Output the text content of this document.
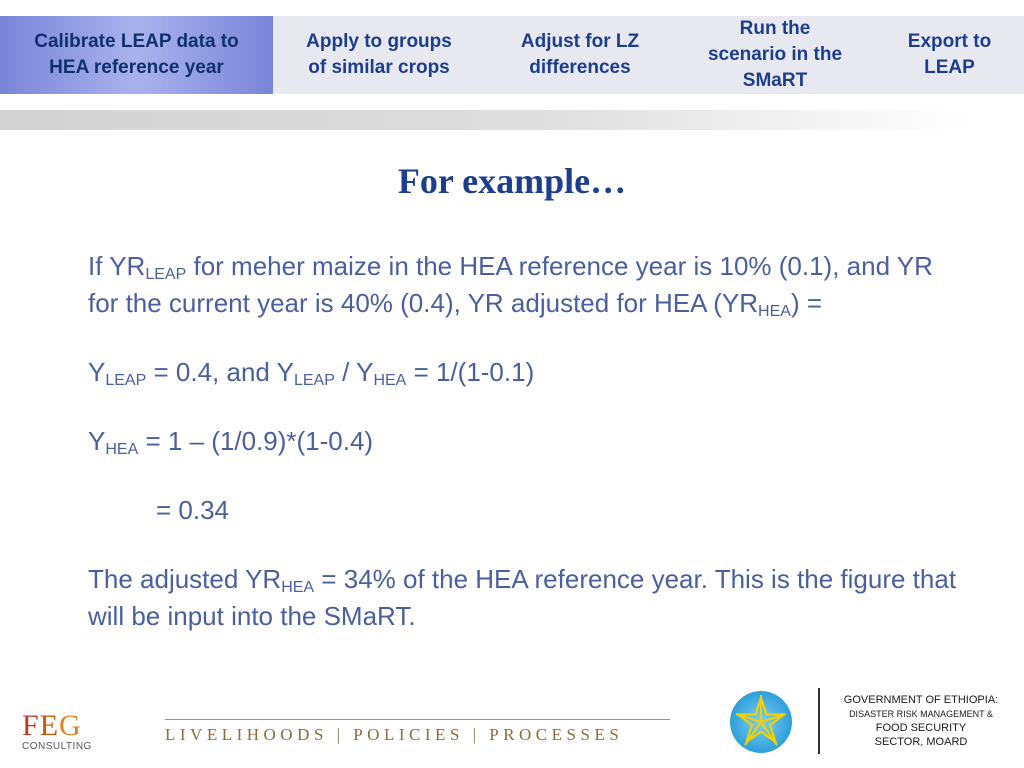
Calibrate LEAP data to
HEA reference year
Apply to groups
of similar crops
Adjust for LZ
differences
Run the
scenario in the
SMaRT
Export to
LEAP
For example…

If $YR_{LEAP}$ for meher maize in the HEA reference year is 10% (0.1), and YR for the current year is 40% (0.4), YR adjusted for HEA $(YR_{HEA})$ =

$Y_{LEAP} = 0.4$, and $Y_{LEAP} / Y_{HEA} = 1/(1-0.1)$

$Y_{HEA} = 1 - (1/0.9)*(1-0.4)$

= 0.34

The adjusted $YR_{HEA} = 34\%$ of the HEA reference year. This is the figure that will be input into the SMaRT.

FEG
CONSULTING
LIVELIHOODS | POLICIES | PROCESSES
GOVERNMENT OF ETHIOPIA:
DISASTER RISK MANAGEMENT &
FOOD SECURITY
SECTOR, MOARD
